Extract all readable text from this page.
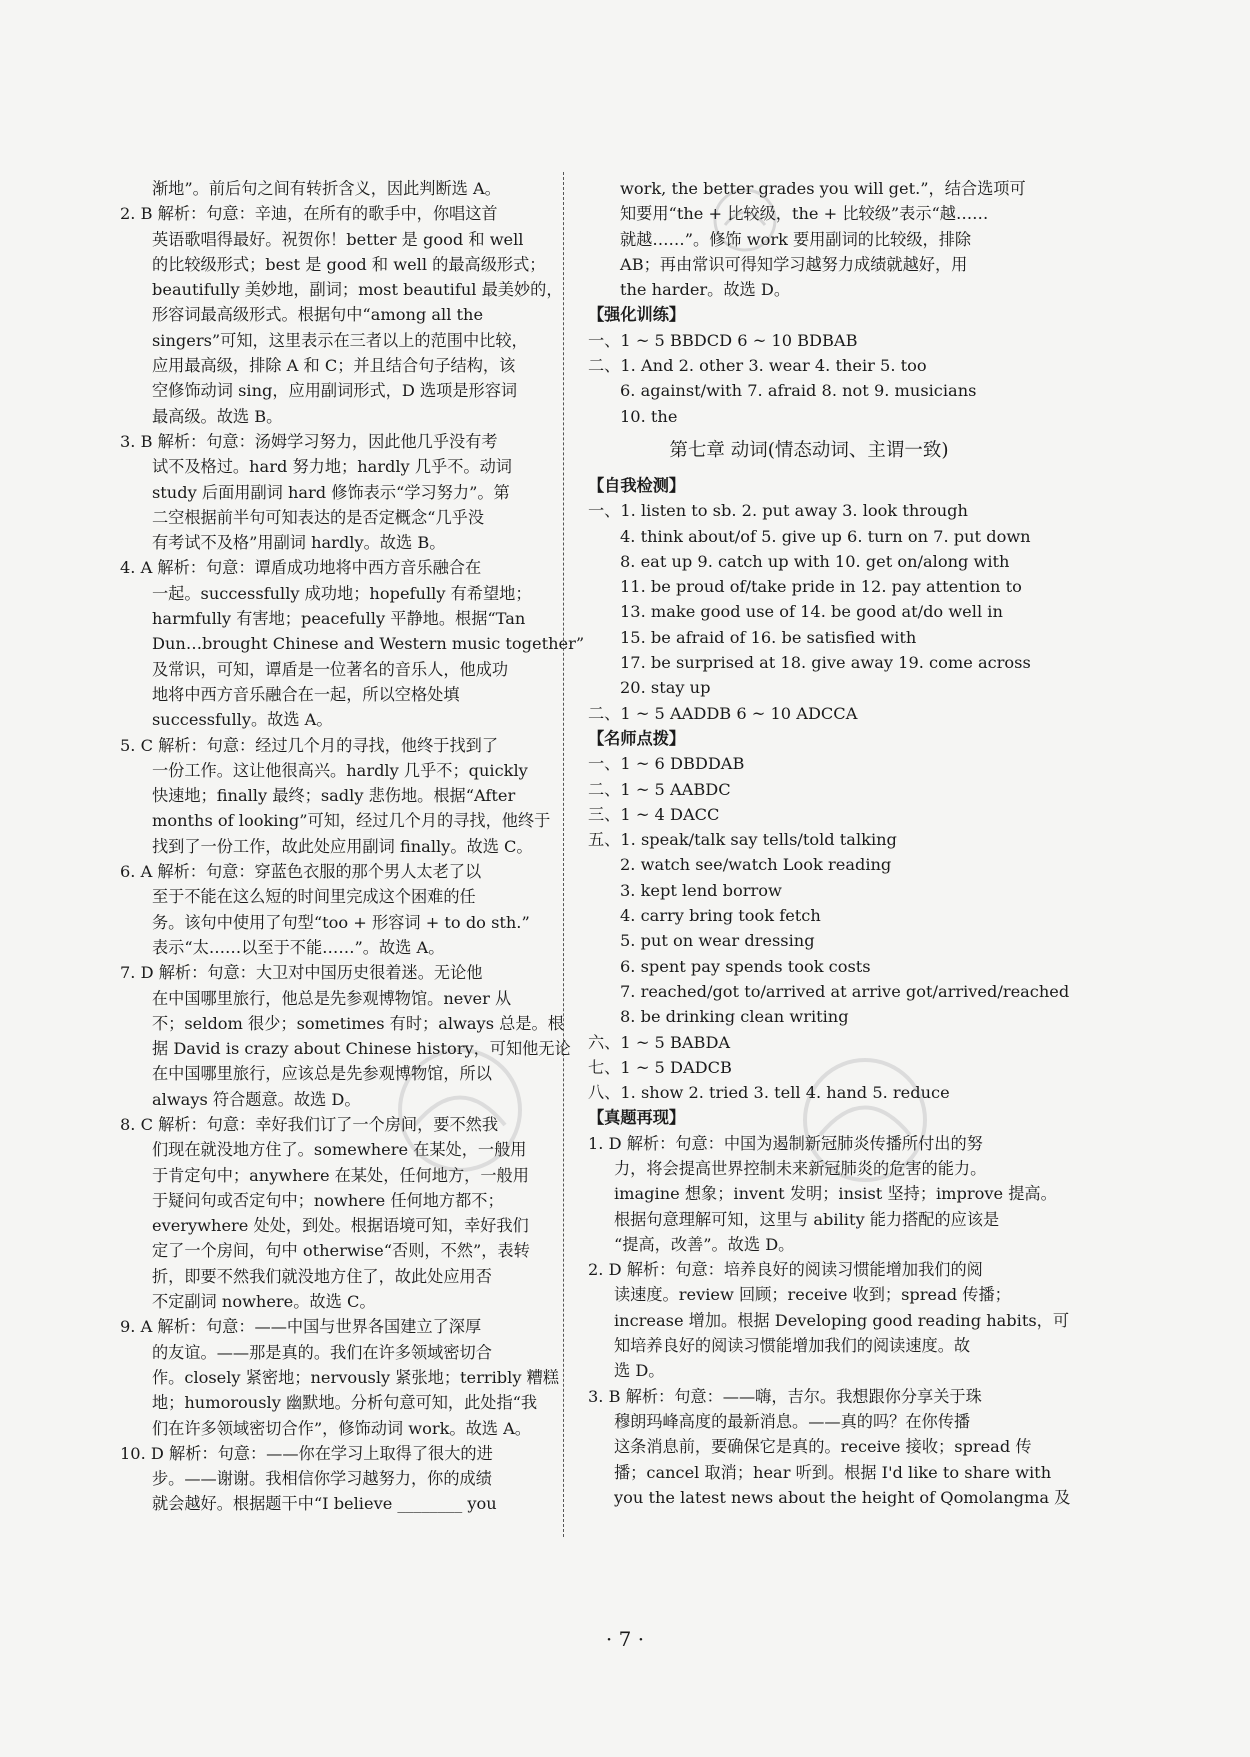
渐地”。前后句之间有转折含义，因此判断选 A。
2. B 解析：句意：辛迪，在所有的歌手中，你唱这首
英语歌唱得最好。祝贺你！better 是 good 和 well
的比较级形式；best 是 good 和 well 的最高级形式；
beautifully 美妙地，副词；most beautiful 最美妙的，
形容词最高级形式。根据句中“among all the
singers”可知，这里表示在三者以上的范围中比较，
应用最高级，排除 A 和 C；并且结合句子结构，该
空修饰动词 sing，应用副词形式，D 选项是形容词
最高级。故选 B。
3. B 解析：句意：汤姆学习努力，因此他几乎没有考
试不及格过。hard 努力地；hardly 几乎不。动词
study 后面用副词 hard 修饰表示“学习努力”。第
二空根据前半句可知表达的是否定概念“几乎没
有考试不及格”用副词 hardly。故选 B。
4. A 解析：句意：谭盾成功地将中西方音乐融合在
一起。successfully 成功地；hopefully 有希望地；
harmfully 有害地；peacefully 平静地。根据“Tan
Dun…brought Chinese and Western music together”
及常识，可知，谭盾是一位著名的音乐人，他成功
地将中西方音乐融合在一起，所以空格处填
successfully。故选 A。
5. C 解析：句意：经过几个月的寻找，他终于找到了
一份工作。这让他很高兴。hardly 几乎不；quickly
快速地；finally 最终；sadly 悲伤地。根据“After
months of looking”可知，经过几个月的寻找，他终于
找到了一份工作，故此处应用副词 finally。故选 C。
6. A 解析：句意：穿蓝色衣服的那个男人太老了以
至于不能在这么短的时间里完成这个困难的任
务。该句中使用了句型“too + 形容词 + to do sth.”
表示“太……以至于不能……”。故选 A。
7. D 解析：句意：大卫对中国历史很着迷。无论他
在中国哪里旅行，他总是先参观博物馆。never 从
不；seldom 很少；sometimes 有时；always 总是。根
据 David is crazy about Chinese history，可知他无论
在中国哪里旅行，应该总是先参观博物馆，所以
always 符合题意。故选 D。
8. C 解析：句意：幸好我们订了一个房间，要不然我
们现在就没地方住了。somewhere 在某处，一般用
于肯定句中；anywhere 在某处，任何地方，一般用
于疑问句或否定句中；nowhere 任何地方都不；
everywhere 处处，到处。根据语境可知，幸好我们
定了一个房间，句中 otherwise“否则，不然”，表转
折，即要不然我们就没地方住了，故此处应用否
不定副词 nowhere。故选 C。
9. A 解析：句意：——中国与世界各国建立了深厚
的友谊。——那是真的。我们在许多领域密切合
作。closely 紧密地；nervously 紧张地；terribly 糟糕
地；humorously 幽默地。分析句意可知，此处指“我
们在许多领域密切合作”，修饰动词 work。故选 A。
10. D 解析：句意：——你在学习上取得了很大的进
步。——谢谢。我相信你学习越努力，你的成绩
就会越好。根据题干中“I believe ________ you
work, the better grades you will get.”，结合选项可
知要用“the + 比较级，the + 比较级”表示“越……
就越……”。修饰 work 要用副词的比较级，排除
AB；再由常识可得知学习越努力成绩就越好，用
the harder。故选 D。
【强化训练】
一、1 ~ 5 BBDCD 6 ~ 10 BDBAB
二、1. And 2. other 3. wear 4. their 5. too
6. against/with 7. afraid 8. not 9. musicians
10. the
第七章 动词(情态动词、主谓一致)
【自我检测】
一、1. listen to sb. 2. put away 3. look through
4. think about/of 5. give up 6. turn on 7. put down
8. eat up 9. catch up with 10. get on/along with
11. be proud of/take pride in 12. pay attention to
13. make good use of 14. be good at/do well in
15. be afraid of 16. be satisfied with
17. be surprised at 18. give away 19. come across
20. stay up
二、1 ~ 5 AADDB 6 ~ 10 ADCCA
【名师点拨】
一、1 ~ 6 DBDDAB
二、1 ~ 5 AABDC
三、1 ~ 4 DACC
五、1. speak/talk say tells/told talking
2. watch see/watch Look reading
3. kept lend borrow
4. carry bring took fetch
5. put on wear dressing
6. spent pay spends took costs
7. reached/got to/arrived at arrive got/arrived/reached
8. be drinking clean writing
六、1 ~ 5 BABDA
七、1 ~ 5 DADCB
八、1. show 2. tried 3. tell 4. hand 5. reduce
【真题再现】
1. D 解析：句意：中国为遏制新冠肺炎传播所付出的努
力，将会提高世界控制未来新冠肺炎的危害的能力。
imagine 想象；invent 发明；insist 坚持；improve 提高。
根据句意理解可知，这里与 ability 能力搭配的应该是
“提高，改善”。故选 D。
2. D 解析：句意：培养良好的阅读习惯能增加我们的阅
读速度。review 回顾；receive 收到；spread 传播；
increase 增加。根据 Developing good reading habits，可
知培养良好的阅读习惯能增加我们的阅读速度。故
选 D。
3. B 解析：句意：——嗨，吉尔。我想跟你分享关于珠
穆朗玛峰高度的最新消息。——真的吗？在你传播
这条消息前，要确保它是真的。receive 接收；spread 传
播；cancel 取消；hear 听到。根据 I'd like to share with
you the latest news about the height of Qomolangma 及
· 7 ·
